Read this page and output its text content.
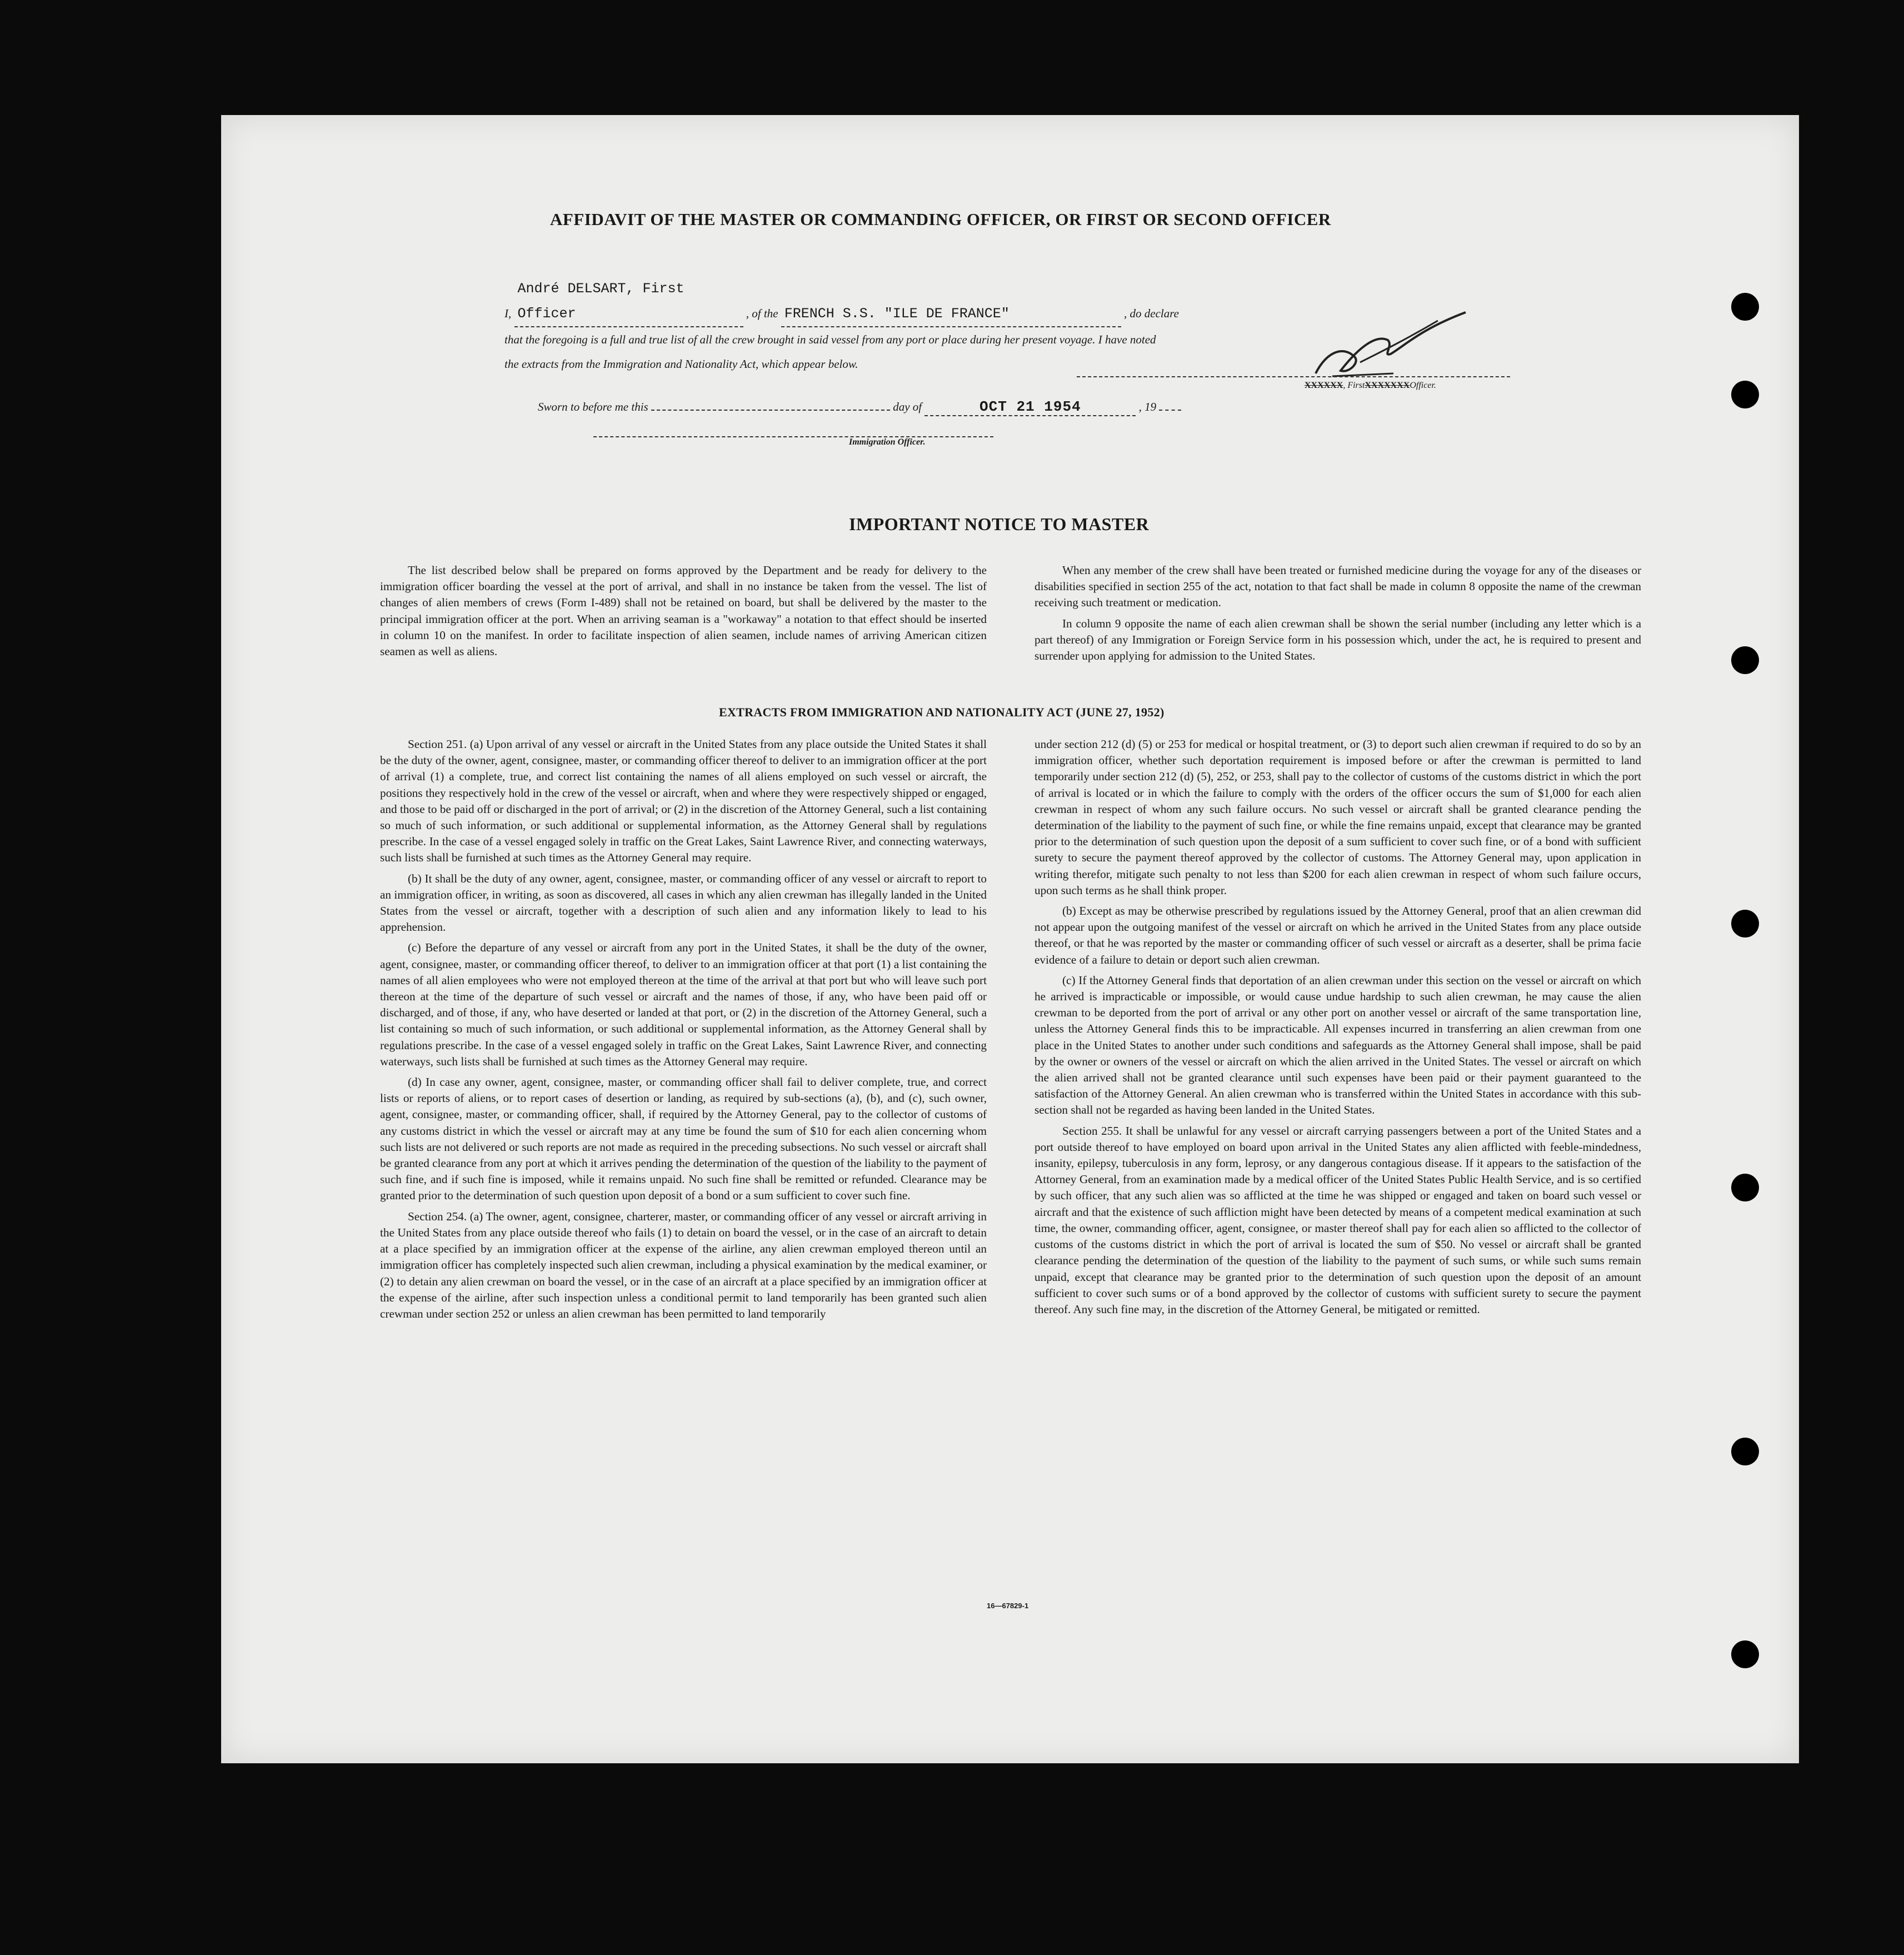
AFFIDAVIT OF THE MASTER OR COMMANDING OFFICER, OR FIRST OR SECOND OFFICER
I, André DELSART, First Officer	, of the FRENCH S.S. "ILE DE FRANCE"	, do declare
that the foregoing is a full and true list of all the crew brought in said vessel from any port or place during her present voyage. I have noted
the extracts from the Immigration and Nationality Act, which appear below.
XXXXXX, FirstXXXXXXXOfficer.
Sworn to before me this	day of	OCT 21 1954	, 19
Immigration Officer.
IMPORTANT NOTICE TO MASTER

The list described below shall be prepared on forms approved by the Department and be ready for delivery to the immigration officer boarding the vessel at the port of arrival, and shall in no instance be taken from the vessel. The list of changes of alien members of crews (Form I-489) shall not be retained on board, but shall be delivered by the master to the principal immigration officer at the port. When an arriving seaman is a "workaway" a notation to that effect should be inserted in column 10 on the manifest. In order to facilitate inspection of alien seamen, include names of arriving American citizen seamen as well as aliens.

When any member of the crew shall have been treated or furnished medicine during the voyage for any of the diseases or disabilities specified in section 255 of the act, notation to that fact shall be made in column 8 opposite the name of the crewman receiving such treatment or medication.

In column 9 opposite the name of each alien crewman shall be shown the serial number (including any letter which is a part thereof) of any Immigration or Foreign Service form in his possession which, under the act, he is required to present and surrender upon applying for admission to the United States.

EXTRACTS FROM IMMIGRATION AND NATIONALITY ACT (JUNE 27, 1952)

Section 251. (a) Upon arrival of any vessel or aircraft in the United States from any place outside the United States it shall be the duty of the owner, agent, consignee, master, or commanding officer thereof to deliver to an immigration officer at the port of arrival (1) a complete, true, and correct list containing the names of all aliens employed on such vessel or aircraft, the positions they respectively hold in the crew of the vessel or aircraft, when and where they were respectively shipped or engaged, and those to be paid off or discharged in the port of arrival; or (2) in the discretion of the Attorney General, such a list containing so much of such information, or such additional or supplemental information, as the Attorney General shall by regulations prescribe. In the case of a vessel engaged solely in traffic on the Great Lakes, Saint Lawrence River, and connecting waterways, such lists shall be furnished at such times as the Attorney General may require.

(b) It shall be the duty of any owner, agent, consignee, master, or commanding officer of any vessel or aircraft to report to an immigration officer, in writing, as soon as discovered, all cases in which any alien crewman has illegally landed in the United States from the vessel or aircraft, together with a description of such alien and any information likely to lead to his apprehension.

(c) Before the departure of any vessel or aircraft from any port in the United States, it shall be the duty of the owner, agent, consignee, master, or commanding officer thereof, to deliver to an immigration officer at that port (1) a list containing the names of all alien employees who were not employed thereon at the time of the arrival at that port but who will leave such port thereon at the time of the departure of such vessel or aircraft and the names of those, if any, who have been paid off or discharged, and of those, if any, who have deserted or landed at that port, or (2) in the discretion of the Attorney General, such a list containing so much of such information, or such additional or supplemental information, as the Attorney General shall by regulations prescribe. In the case of a vessel engaged solely in traffic on the Great Lakes, Saint Lawrence River, and connecting waterways, such lists shall be furnished at such times as the Attorney General may require.

(d) In case any owner, agent, consignee, master, or commanding officer shall fail to deliver complete, true, and correct lists or reports of aliens, or to report cases of desertion or landing, as required by sub-sections (a), (b), and (c), such owner, agent, consignee, master, or commanding officer, shall, if required by the Attorney General, pay to the collector of customs of any customs district in which the vessel or aircraft may at any time be found the sum of $10 for each alien concerning whom such lists are not delivered or such reports are not made as required in the preceding subsections. No such vessel or aircraft shall be granted clearance from any port at which it arrives pending the determination of the question of the liability to the payment of such fine, and if such fine is imposed, while it remains unpaid. No such fine shall be remitted or refunded. Clearance may be granted prior to the determination of such question upon deposit of a bond or a sum sufficient to cover such fine.

Section 254. (a) The owner, agent, consignee, charterer, master, or commanding officer of any vessel or aircraft arriving in the United States from any place outside thereof who fails (1) to detain on board the vessel, or in the case of an aircraft to detain at a place specified by an immigration officer at the expense of the airline, any alien crewman employed thereon until an immigration officer has completely inspected such alien crewman, including a physical examination by the medical examiner, or (2) to detain any alien crewman on board the vessel, or in the case of an aircraft at a place specified by an immigration officer at the expense of the airline, after such inspection unless a conditional permit to land temporarily has been granted such alien crewman under section 252 or unless an alien crewman has been permitted to land temporarily

under section 212 (d) (5) or 253 for medical or hospital treatment, or (3) to deport such alien crewman if required to do so by an immigration officer, whether such deportation requirement is imposed before or after the crewman is permitted to land temporarily under section 212 (d) (5), 252, or 253, shall pay to the collector of customs of the customs district in which the port of arrival is located or in which the failure to comply with the orders of the officer occurs the sum of $1,000 for each alien crewman in respect of whom any such failure occurs. No such vessel or aircraft shall be granted clearance pending the determination of the liability to the payment of such fine, or while the fine remains unpaid, except that clearance may be granted prior to the determination of such question upon the deposit of a sum sufficient to cover such fine, or of a bond with sufficient surety to secure the payment thereof approved by the collector of customs. The Attorney General may, upon application in writing therefor, mitigate such penalty to not less than $200 for each alien crewman in respect of whom such failure occurs, upon such terms as he shall think proper.

(b) Except as may be otherwise prescribed by regulations issued by the Attorney General, proof that an alien crewman did not appear upon the outgoing manifest of the vessel or aircraft on which he arrived in the United States from any place outside thereof, or that he was reported by the master or commanding officer of such vessel or aircraft as a deserter, shall be prima facie evidence of a failure to detain or deport such alien crewman.

(c) If the Attorney General finds that deportation of an alien crewman under this section on the vessel or aircraft on which he arrived is impracticable or impossible, or would cause undue hardship to such alien crewman, he may cause the alien crewman to be deported from the port of arrival or any other port on another vessel or aircraft of the same transportation line, unless the Attorney General finds this to be impracticable. All expenses incurred in transferring an alien crewman from one place in the United States to another under such conditions and safeguards as the Attorney General shall impose, shall be paid by the owner or owners of the vessel or aircraft on which the alien arrived in the United States. The vessel or aircraft on which the alien arrived shall not be granted clearance until such expenses have been paid or their payment guaranteed to the satisfaction of the Attorney General. An alien crewman who is transferred within the United States in accordance with this sub-section shall not be regarded as having been landed in the United States.

Section 255. It shall be unlawful for any vessel or aircraft carrying passengers between a port of the United States and a port outside thereof to have employed on board upon arrival in the United States any alien afflicted with feeble-mindedness, insanity, epilepsy, tuberculosis in any form, leprosy, or any dangerous contagious disease. If it appears to the satisfaction of the Attorney General, from an examination made by a medical officer of the United States Public Health Service, and is so certified by such officer, that any such alien was so afflicted at the time he was shipped or engaged and taken on board such vessel or aircraft and that the existence of such affliction might have been detected by means of a competent medical examination at such time, the owner, commanding officer, agent, consignee, or master thereof shall pay for each alien so afflicted to the collector of customs of the customs district in which the port of arrival is located the sum of $50. No vessel or aircraft shall be granted clearance pending the determination of the question of the liability to the payment of such sums, or while such sums remain unpaid, except that clearance may be granted prior to the determination of such question upon the deposit of an amount sufficient to cover such sums or of a bond approved by the collector of customs with sufficient surety to secure the payment thereof. Any such fine may, in the discretion of the Attorney General, be mitigated or remitted.

16—67829-1
